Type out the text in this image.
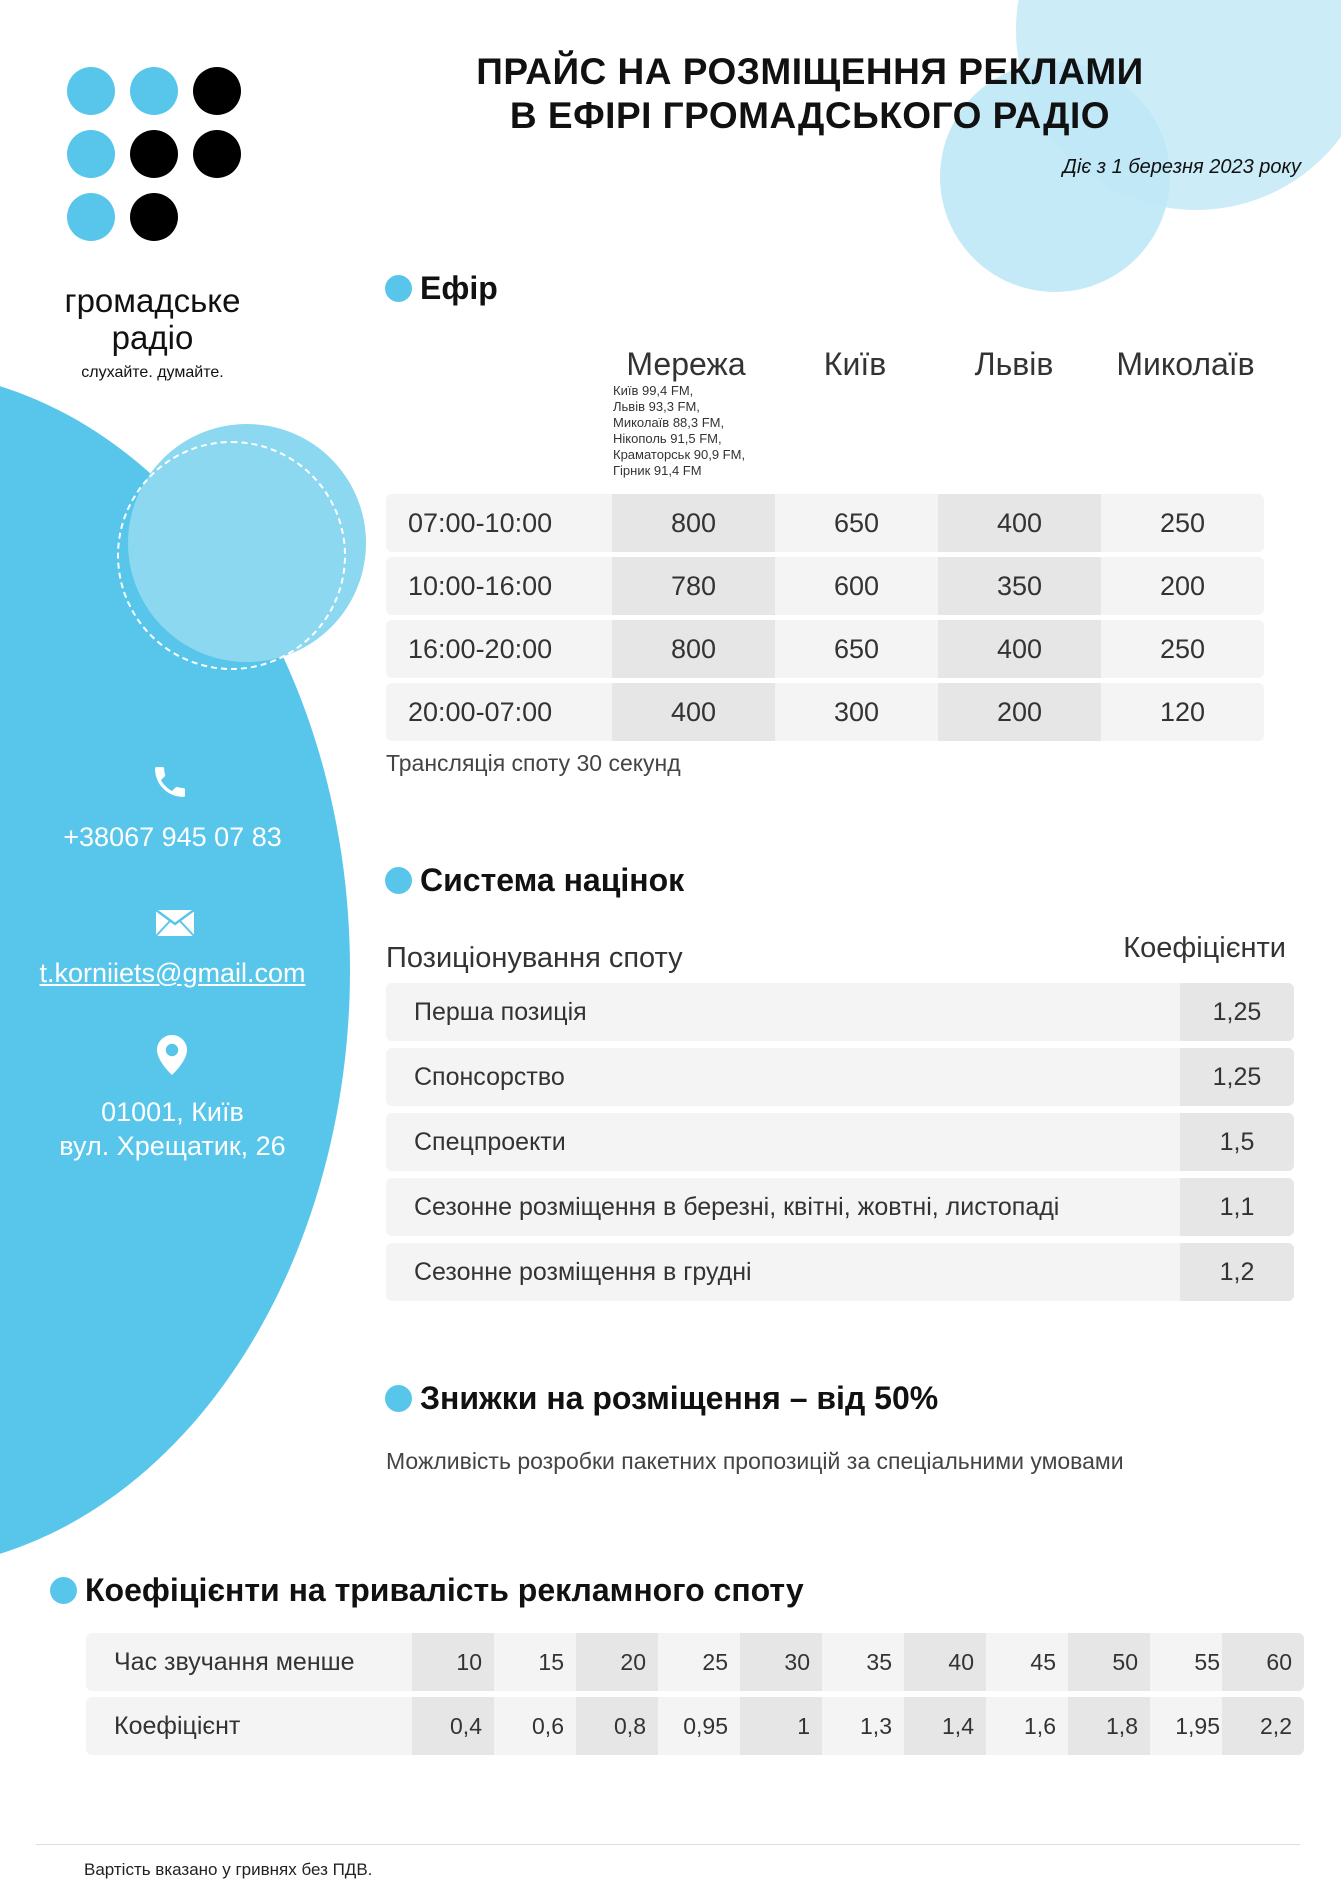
громадське
радіо
слухайте. думайте.
ПРАЙС НА РОЗМІЩЕННЯ РЕКЛАМИ
В ЕФІРІ ГРОМАДСЬКОГО РАДІО
Діє з 1 березня 2023 року
+38067 945 07 83
t.korniiets@gmail.com
01001, Київ
вул. Хрещатик, 26
Ефір
Мережа	Київ	Львів	Миколаїв
Київ 99,4 FM,
Львів 93,3 FM,
Миколаїв 88,3 FM,
Нікополь 91,5 FM,
Краматорськ 90,9 FM,
Гірник 91,4 FM
07:00-10:00	800	650	400	250
10:00-16:00	780	600	350	200
16:00-20:00	800	650	400	250
20:00-07:00	400	300	200	120
Трансляція споту 30 секунд
Система націнок
Позиціонування споту	Коефіцієнти
Перша позиція	1,25
Спонсорство	1,25
Спецпроекти	1,5
Сезонне розміщення в березні, квітні, жовтні, листопаді	1,1
Сезонне розміщення в грудні	1,2
Знижки на розміщення – від 50%
Можливість розробки пакетних пропозицій за спеціальними умовами
Коефіцієнти на тривалість рекламного споту
Час звучання менше	10	15	20	25	30	35	40	45	50	55	60
Коефіцієнт	0,4	0,6	0,8	0,95	1	1,3	1,4	1,6	1,8	1,95	2,2
Вартість вказано у гривнях без ПДВ.
